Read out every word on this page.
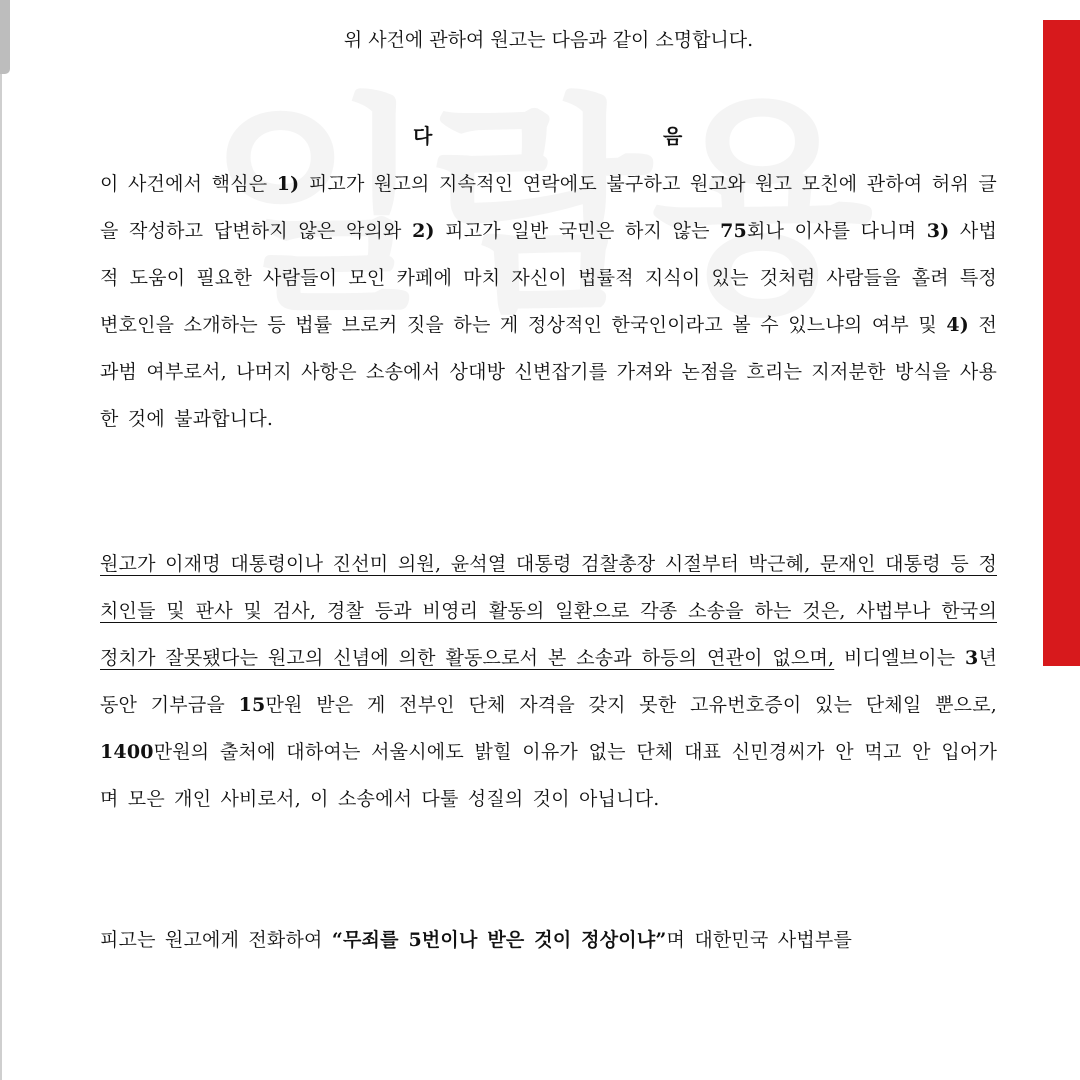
위 사건에 관하여 원고는 다음과 같이 소명합니다.

다	음

이 사건에서 핵심은 1) 피고가 원고의 지속적인 연락에도 불구하고 원고와 원고 모친에 관하여 허위 글을 작성하고 답변하지 않은 악의와 2) 피고가 일반 국민은 하지 않는 75회나 이사를 다니며 3) 사법적 도움이 필요한 사람들이 모인 카페에 마치 자신이 법률적 지식이 있는 것처럼 사람들을 홀려 특정 변호인을 소개하는 등 법률 브로커 짓을 하는 게 정상적인 한국인이라고 볼 수 있느냐의 여부 및 4) 전과범 여부로서, 나머지 사항은 소송에서 상대방 신변잡기를 가져와 논점을 흐리는 지저분한 방식을 사용한 것에 불과합니다.

원고가 이재명 대통령이나 진선미 의원, 윤석열 대통령 검찰총장 시절부터 박근혜, 문재인 대통령 등 정치인들 및 판사 및 검사, 경찰 등과 비영리 활동의 일환으로 각종 소송을 하는 것은, 사법부나 한국의 정치가 잘못됐다는 원고의 신념에 의한 활동으로서 본 소송과 하등의 연관이 없으며, 비디엘브이는 3년 동안 기부금을 15만원 받은 게 전부인 단체 자격을 갖지 못한 고유번호증이 있는 단체일 뿐으로, 1400만원의 출처에 대하여는 서울시에도 밝힐 이유가 없는 단체 대표 신민경씨가 안 먹고 안 입어가며 모은 개인 사비로서, 이 소송에서 다툴 성질의 것이 아닙니다.

피고는 원고에게 전화하여 “무죄를 5번이나 받은 것이 정상이냐”며 대한민국 사법부를
